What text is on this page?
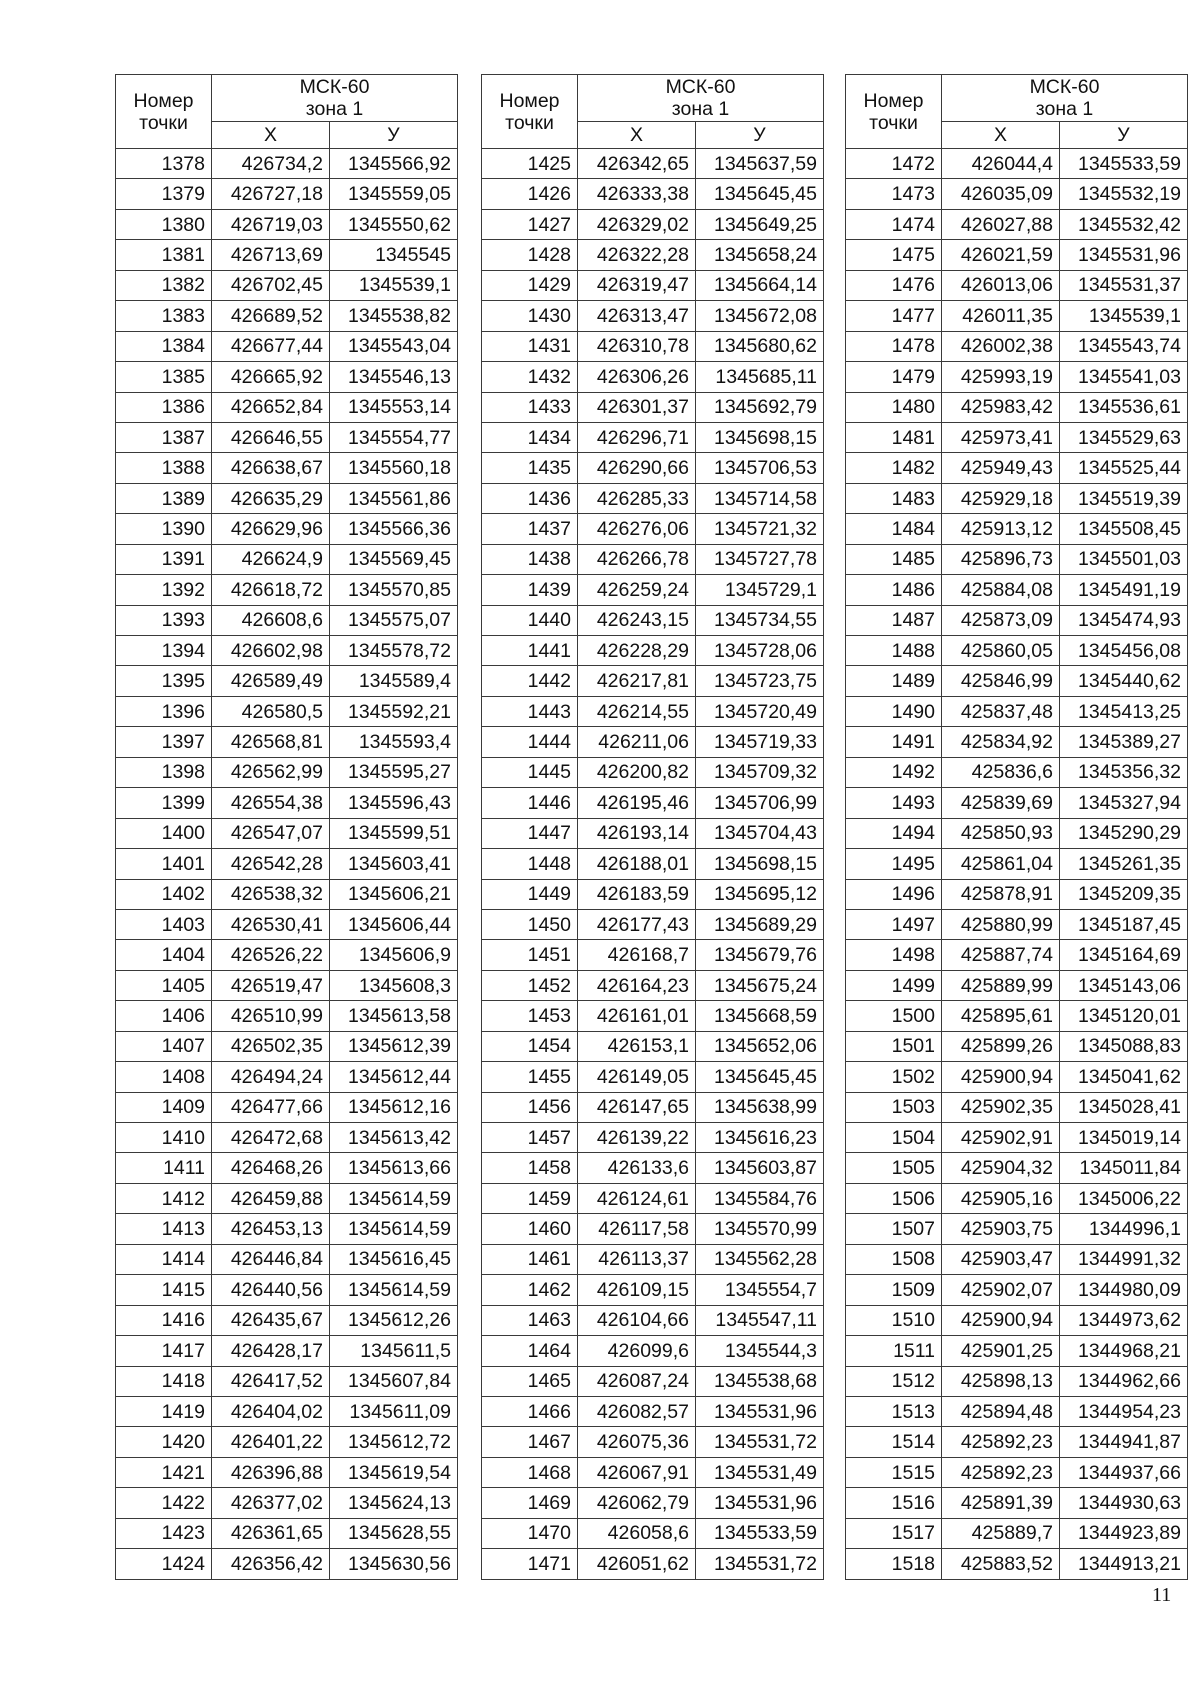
Номер
точки	МСК-60
зона 1	
	Х	У
1378	426734,2	1345566,92
1379	426727,18	1345559,05
1380	426719,03	1345550,62
1381	426713,69	1345545
1382	426702,45	1345539,1
1383	426689,52	1345538,82
1384	426677,44	1345543,04
1385	426665,92	1345546,13
1386	426652,84	1345553,14
1387	426646,55	1345554,77
1388	426638,67	1345560,18
1389	426635,29	1345561,86
1390	426629,96	1345566,36
1391	426624,9	1345569,45
1392	426618,72	1345570,85
1393	426608,6	1345575,07
1394	426602,98	1345578,72
1395	426589,49	1345589,4
1396	426580,5	1345592,21
1397	426568,81	1345593,4
1398	426562,99	1345595,27
1399	426554,38	1345596,43
1400	426547,07	1345599,51
1401	426542,28	1345603,41
1402	426538,32	1345606,21
1403	426530,41	1345606,44
1404	426526,22	1345606,9
1405	426519,47	1345608,3
1406	426510,99	1345613,58
1407	426502,35	1345612,39
1408	426494,24	1345612,44
1409	426477,66	1345612,16
1410	426472,68	1345613,42
1411	426468,26	1345613,66
1412	426459,88	1345614,59
1413	426453,13	1345614,59
1414	426446,84	1345616,45
1415	426440,56	1345614,59
1416	426435,67	1345612,26
1417	426428,17	1345611,5
1418	426417,52	1345607,84
1419	426404,02	1345611,09
1420	426401,22	1345612,72
1421	426396,88	1345619,54
1422	426377,02	1345624,13
1423	426361,65	1345628,55
1424	426356,42	1345630,56
Номер
точки	МСК-60
зона 1	
	Х	У
1425	426342,65	1345637,59
1426	426333,38	1345645,45
1427	426329,02	1345649,25
1428	426322,28	1345658,24
1429	426319,47	1345664,14
1430	426313,47	1345672,08
1431	426310,78	1345680,62
1432	426306,26	1345685,11
1433	426301,37	1345692,79
1434	426296,71	1345698,15
1435	426290,66	1345706,53
1436	426285,33	1345714,58
1437	426276,06	1345721,32
1438	426266,78	1345727,78
1439	426259,24	1345729,1
1440	426243,15	1345734,55
1441	426228,29	1345728,06
1442	426217,81	1345723,75
1443	426214,55	1345720,49
1444	426211,06	1345719,33
1445	426200,82	1345709,32
1446	426195,46	1345706,99
1447	426193,14	1345704,43
1448	426188,01	1345698,15
1449	426183,59	1345695,12
1450	426177,43	1345689,29
1451	426168,7	1345679,76
1452	426164,23	1345675,24
1453	426161,01	1345668,59
1454	426153,1	1345652,06
1455	426149,05	1345645,45
1456	426147,65	1345638,99
1457	426139,22	1345616,23
1458	426133,6	1345603,87
1459	426124,61	1345584,76
1460	426117,58	1345570,99
1461	426113,37	1345562,28
1462	426109,15	1345554,7
1463	426104,66	1345547,11
1464	426099,6	1345544,3
1465	426087,24	1345538,68
1466	426082,57	1345531,96
1467	426075,36	1345531,72
1468	426067,91	1345531,49
1469	426062,79	1345531,96
1470	426058,6	1345533,59
1471	426051,62	1345531,72
Номер
точки	МСК-60
зона 1	
	Х	У
1472	426044,4	1345533,59
1473	426035,09	1345532,19
1474	426027,88	1345532,42
1475	426021,59	1345531,96
1476	426013,06	1345531,37
1477	426011,35	1345539,1
1478	426002,38	1345543,74
1479	425993,19	1345541,03
1480	425983,42	1345536,61
1481	425973,41	1345529,63
1482	425949,43	1345525,44
1483	425929,18	1345519,39
1484	425913,12	1345508,45
1485	425896,73	1345501,03
1486	425884,08	1345491,19
1487	425873,09	1345474,93
1488	425860,05	1345456,08
1489	425846,99	1345440,62
1490	425837,48	1345413,25
1491	425834,92	1345389,27
1492	425836,6	1345356,32
1493	425839,69	1345327,94
1494	425850,93	1345290,29
1495	425861,04	1345261,35
1496	425878,91	1345209,35
1497	425880,99	1345187,45
1498	425887,74	1345164,69
1499	425889,99	1345143,06
1500	425895,61	1345120,01
1501	425899,26	1345088,83
1502	425900,94	1345041,62
1503	425902,35	1345028,41
1504	425902,91	1345019,14
1505	425904,32	1345011,84
1506	425905,16	1345006,22
1507	425903,75	1344996,1
1508	425903,47	1344991,32
1509	425902,07	1344980,09
1510	425900,94	1344973,62
1511	425901,25	1344968,21
1512	425898,13	1344962,66
1513	425894,48	1344954,23
1514	425892,23	1344941,87
1515	425892,23	1344937,66
1516	425891,39	1344930,63
1517	425889,7	1344923,89
1518	425883,52	1344913,21
11
